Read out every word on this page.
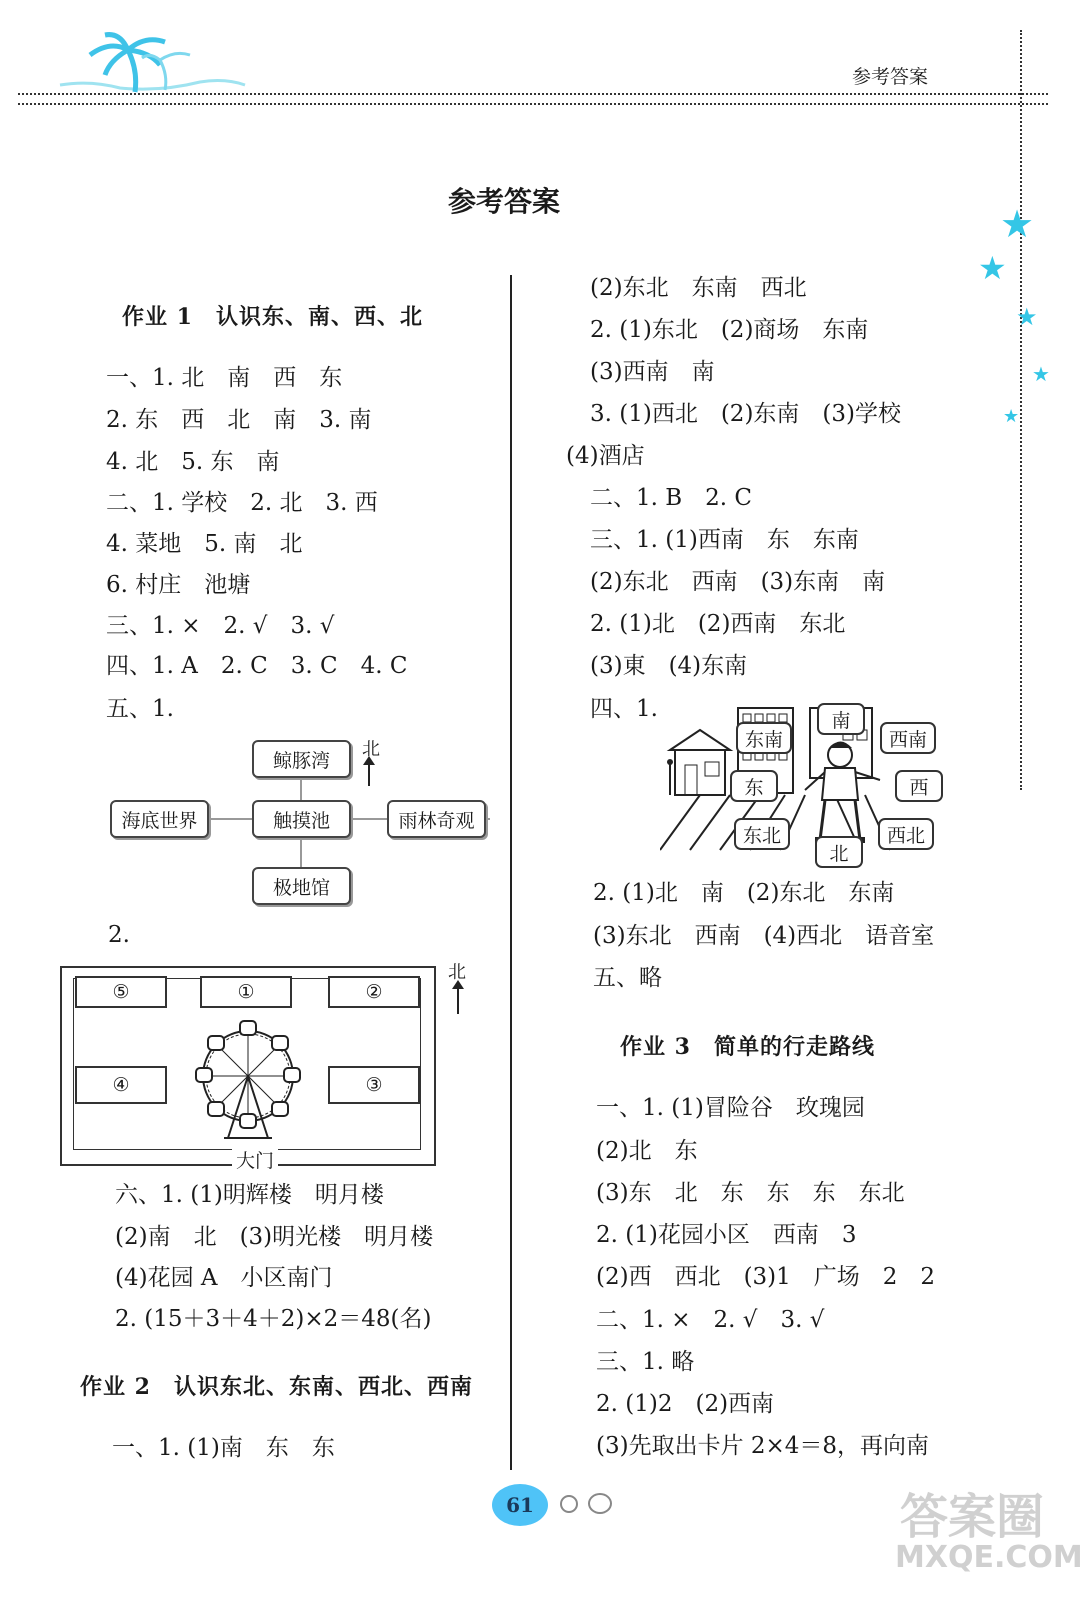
参考答案
★
★
★
★
★
参考答案
作业 1　认识东、南、西、北
一、1. 北　南　西　东
2. 东　西　北　南　3. 南
4. 北　5. 东　南
二、1. 学校　2. 北　3. 西
4. 菜地　5. 南　北
6. 村庄　池塘
三、1. ×　2. √　3. √
四、1. A　2. C　3. C　4. C
五、1.
鲸豚湾
海底世界	触摸池	雨林奇观
极地馆
北
2.
⑤	①	②
④	③
大门
北
六、1. (1)明辉楼　明月楼
(2)南　北　(3)明光楼　明月楼
(4)花园 A　小区南门
2. (15＋3＋4＋2)×2＝48(名)
作业 2　认识东北、东南、西北、西南
一、1. (1)南　东　东
(2)东北　东南　西北
2. (1)东北　(2)商场　东南
(3)西南　南
3. (1)西北　(2)东南　(3)学校
(4)酒店
二、1. B　2. C
三、1. (1)西南　东　东南
(2)东北　西南　(3)东南　南
2. (1)北　(2)西南　东北
(3)東　(4)东南
四、1.	南
东南	西南
东	西
东北	西北
北
2. (1)北　南　(2)东北　东南
(3)东北　西南　(4)西北　语音室
五、略
作业 3　简单的行走路线
一、1. (1)冒险谷　玫瑰园
(2)北　东
(3)东　北　东　东　东　东北
2. (1)花园小区　西南　3
(2)西　西北　(3)1　广场　2　2
二、1. ×　2. √　3. √
三、1. 略
2. (1)2　(2)西南
(3)先取出卡片 2×4＝8，再向南
61	答案圈
MXQE.COM
